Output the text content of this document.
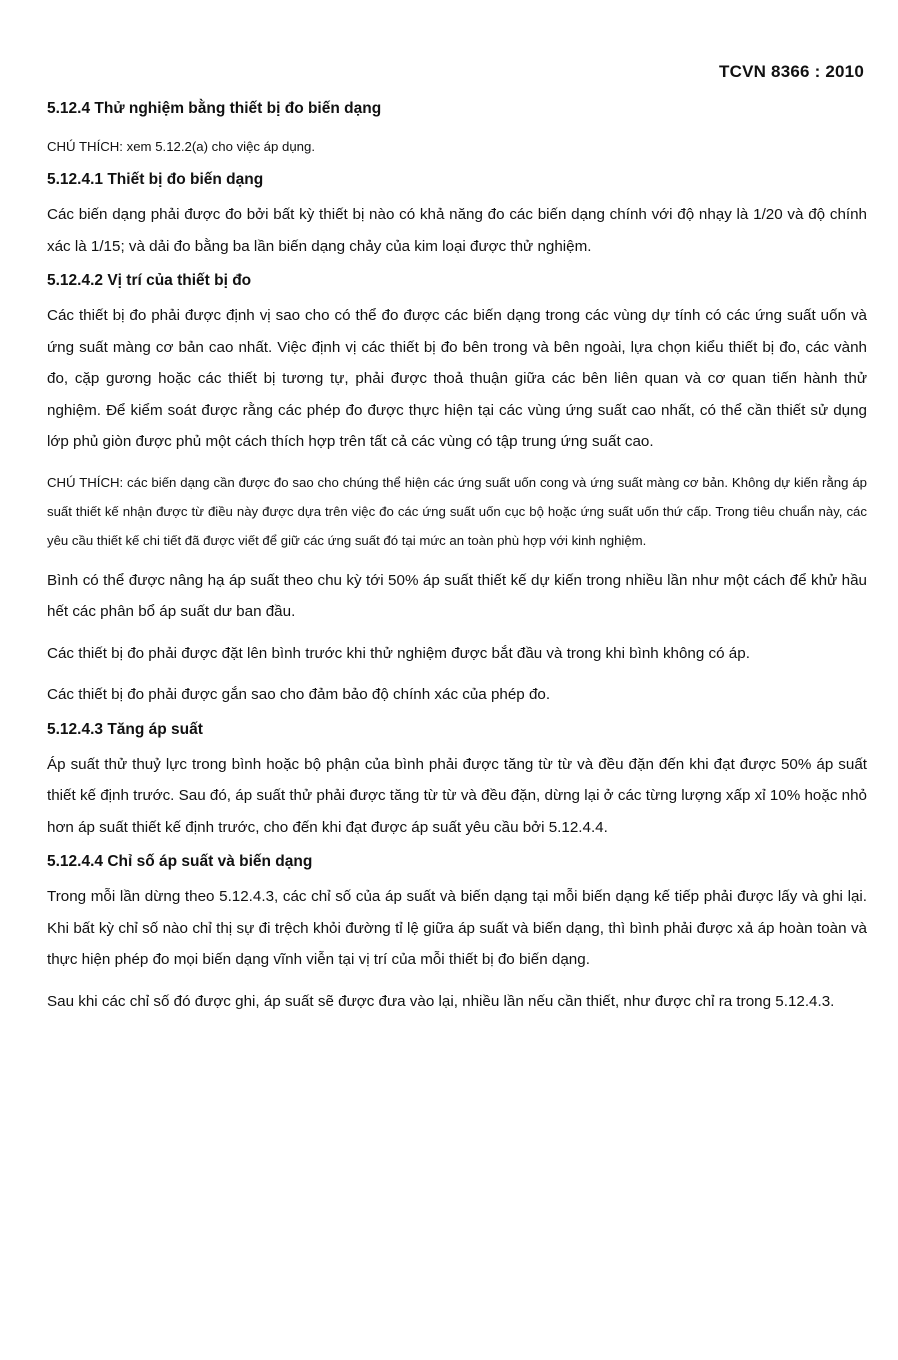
TCVN 8366 : 2010

5.12.4 Thử nghiệm bằng thiết bị đo biến dạng

CHÚ THÍCH: xem 5.12.2(a) cho việc áp dụng.

5.12.4.1 Thiết bị đo biến dạng

Các biến dạng phải được đo bởi bất kỳ thiết bị nào có khả năng đo các biến dạng chính với độ nhạy là 1/20 và độ chính xác là 1/15; và dải đo bằng ba lần biến dạng chảy của kim loại được thử nghiệm.

5.12.4.2 Vị trí của thiết bị đo

Các thiết bị đo phải được định vị sao cho có thể đo được các biến dạng trong các vùng dự tính có các ứng suất uốn và ứng suất màng cơ bản cao nhất. Việc định vị các thiết bị đo bên trong và bên ngoài, lựa chọn kiểu thiết bị đo, các vành đo, cặp gương hoặc các thiết bị tương tự, phải được thoả thuận giữa các bên liên quan và cơ quan tiến hành thử nghiệm. Để kiểm soát được rằng các phép đo được thực hiện tại các vùng ứng suất cao nhất, có thể cần thiết sử dụng lớp phủ giòn được phủ một cách thích hợp trên tất cả các vùng có tập trung ứng suất cao.

CHÚ THÍCH: các biến dạng cần được đo sao cho chúng thể hiện các ứng suất uốn cong và ứng suất màng cơ bản. Không dự kiến rằng áp suất thiết kế nhận được từ điều này được dựa trên việc đo các ứng suất uốn cục bộ hoặc ứng suất uốn thứ cấp. Trong tiêu chuẩn này, các yêu cầu thiết kế chi tiết đã được viết để giữ các ứng suất đó tại mức an toàn phù hợp với kinh nghiệm.

Bình có thể được nâng hạ áp suất theo chu kỳ tới 50% áp suất thiết kế dự kiến trong nhiều lần như một cách để khử hầu hết các phân bổ áp suất dư ban đầu.

Các thiết bị đo phải được đặt lên bình trước khi thử nghiệm được bắt đầu và trong khi bình không có áp.

Các thiết bị đo phải được gắn sao cho đảm bảo độ chính xác của phép đo.

5.12.4.3 Tăng áp suất

Áp suất thử thuỷ lực trong bình hoặc bộ phận của bình phải được tăng từ từ và đều đặn đến khi đạt được 50% áp suất thiết kế định trước. Sau đó, áp suất thử phải được tăng từ từ và đều đặn, dừng lại ở các từng lượng xấp xỉ 10% hoặc nhỏ hơn áp suất thiết kế định trước, cho đến khi đạt được áp suất yêu cầu bởi 5.12.4.4.

5.12.4.4 Chỉ số áp suất và biến dạng

Trong mỗi lần dừng theo 5.12.4.3, các chỉ số của áp suất và biến dạng tại mỗi biến dạng kế tiếp phải được lấy và ghi lại. Khi bất kỳ chỉ số nào chỉ thị sự đi trệch khỏi đường tỉ lệ giữa áp suất và biến dạng, thì bình phải được xả áp hoàn toàn và thực hiện phép đo mọi biến dạng vĩnh viễn tại vị trí của mỗi thiết bị đo biến dạng.

Sau khi các chỉ số đó được ghi, áp suất sẽ được đưa vào lại, nhiều lần nếu cần thiết, như được chỉ ra trong 5.12.4.3.
